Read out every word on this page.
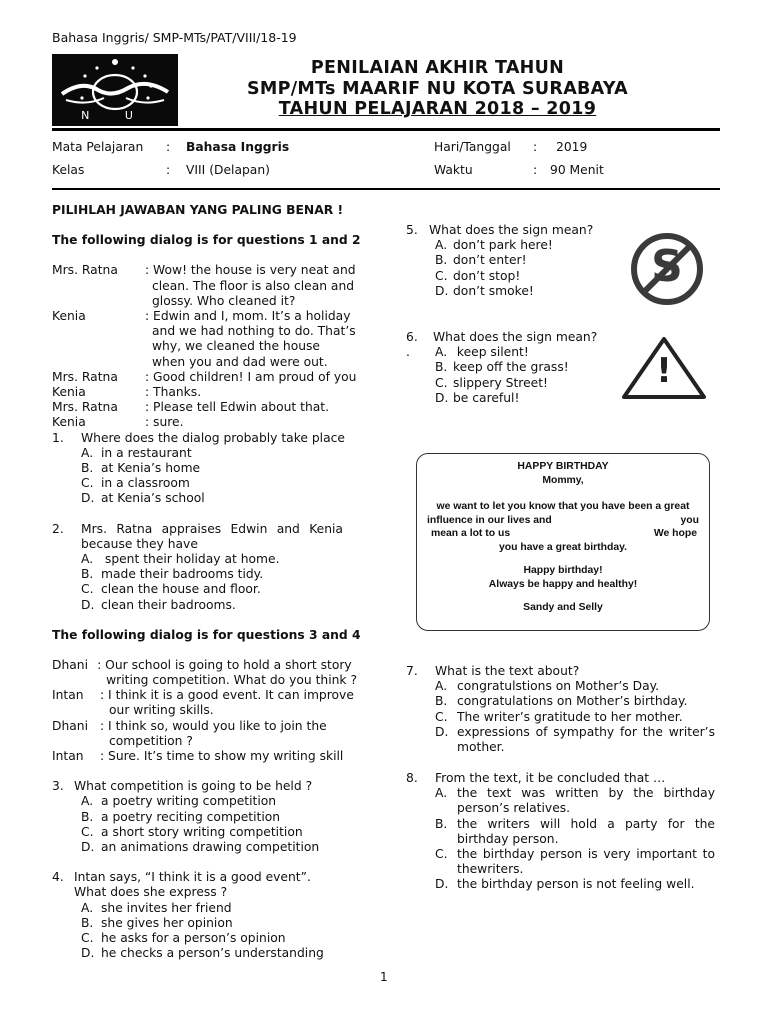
Bahasa Inggris/ SMP-MTs/PAT/VIII/18-19
N U
PENILAIAN AKHIR TAHUN
SMP/MTs MAARIF NU KOTA SURABAYA
TAHUN PELAJARAN 2018 – 2019
Mata Pelajaran : Bahasa Inggris	Hari/Tanggal : 2019
Kelas	: VIII (Delapan)	Waktu	: 90 Menit
PILIHLAH JAWABAN YANG PALING BENAR !
The following dialog is for questions 1 and 2
Mrs. Ratna	: Wow! the house is very neat and
clean. The floor is also clean and
glossy. Who cleaned it?
Kenia	: Edwin and I, mom. It’s a holiday
and we had nothing to do. That’s
why, we cleaned the house
when you and dad were out.
Mrs. Ratna	: Good children! I am proud of you
Kenia	: Thanks.
Mrs. Ratna	: Please tell Edwin about that.
Kenia	: sure.
1.	Where does the dialog probably take place
A. in a restaurant
B. at Kenia’s home
C. in a classroom
D. at Kenia’s school
2.	Mrs. Ratna appraises Edwin and Kenia
because they have
A. spent their holiday at home.
B. made their badrooms tidy.
C. clean the house and floor.
D. clean their badrooms.
The following dialog is for questions 3 and 4
Dhani : Our school is going to hold a short story
writing competition. What do you think ?
Intan	: I think it is a good event. It can improve
our writing skills.
Dhani : I think so, would you like to join the
competition ?
Intan	: Sure. It’s time to show my writing skill
3. What competition is going to be held ?
A. a poetry writing competition
B. a poetry reciting competition
C. a short story writing competition
D. an animations drawing competition
4. Intan says, “I think it is a good event”.
What does she express ?
A. she invites her friend
B. she gives her opinion
C. he asks for a person’s opinion
D. he checks a person’s understanding
5. What does the sign mean?
A. don’t park here!
B. don’t enter!
C. don’t stop!
D. don’t smoke!	S
6.	What does the sign mean?
.	A. keep silent!
B. keep off the grass!
C. slippery Street!
D. be careful!
!
HAPPY BIRTHDAY
Mommy,
we want to let you know that you have been a great
influence in our lives and	you
mean a lot to us	We hope
you have a great birthday.
Happy birthday!
Always be happy and healthy!
Sandy and Selly
7.	What is the text about?
A. congratulstions on Mother’s Day.
B. congratulations on Mother’s birthday.
C. The writer’s gratitude to her mother.
D. expressions of sympathy for the writer’s
mother.
8.	From the text, it be concluded that …
A. the text was written by the birthday
person’s relatives.
B. the writers will hold a party for the
birthday person.
C. the birthday person is very important to
thewriters.
D. the birthday person is not feeling well.
1
